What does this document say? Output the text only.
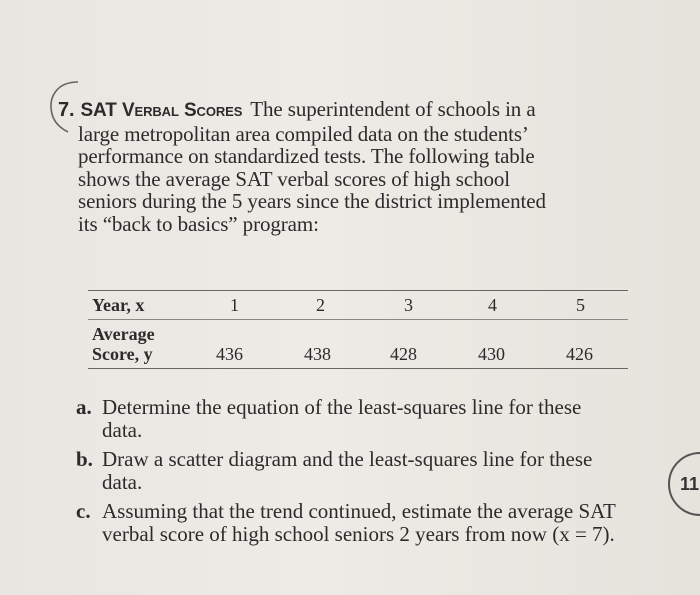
7. SAT Verbal Scores The superintendent of schools in a
large metropolitan area compiled data on the students’
performance on standardized tests. The following table
shows the average SAT verbal scores of high school
seniors during the 5 years since the district implemented
its “back to basics” program:
Year, x	1	2	3	4	5
Average
Score, y	436	438	428	430	426
a. Determine the equation of the least-squares line for these data.
b. Draw a scatter diagram and the least-squares line for these data.
c. Assuming that the trend continued, estimate the average SAT verbal score of high school seniors 2 years from now (x = 7).
11
